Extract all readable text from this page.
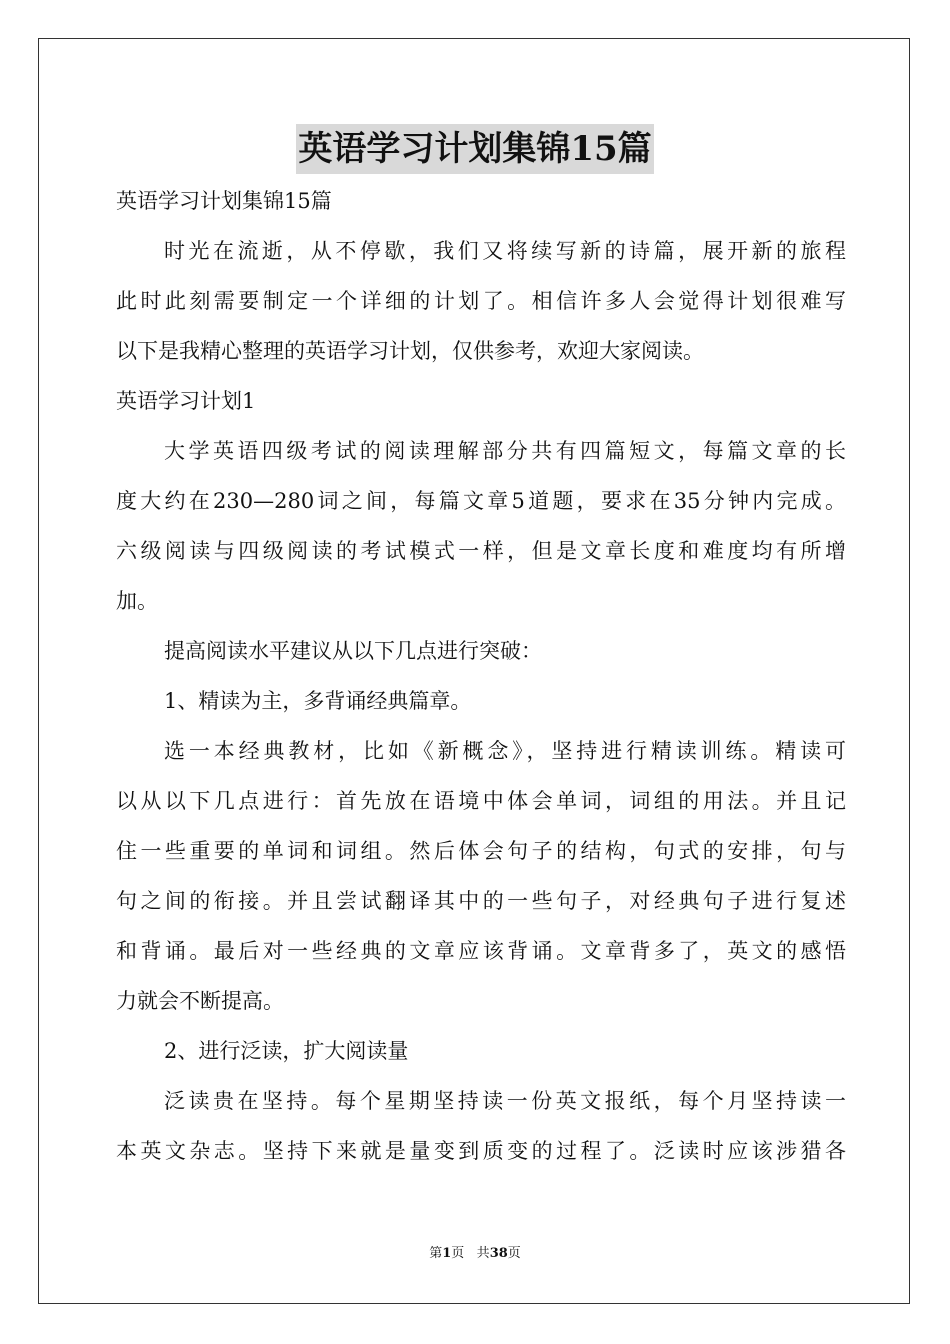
英语学习计划集锦15篇
英语学习计划集锦15篇
时光在流逝，从不停歇，我们又将续写新的诗篇，展开新的旅程
此时此刻需要制定一个详细的计划了。相信许多人会觉得计划很难写
以下是我精心整理的英语学习计划，仅供参考，欢迎大家阅读。
英语学习计划1
大学英语四级考试的阅读理解部分共有四篇短文，每篇文章的长
度大约在230—280词之间，每篇文章5道题，要求在35分钟内完成。
六级阅读与四级阅读的考试模式一样，但是文章长度和难度均有所增
加。
提高阅读水平建议从以下几点进行突破：
1、精读为主，多背诵经典篇章。
选一本经典教材，比如《新概念》，坚持进行精读训练。精读可
以从以下几点进行：首先放在语境中体会单词，词组的用法。并且记
住一些重要的单词和词组。然后体会句子的结构，句式的安排，句与
句之间的衔接。并且尝试翻译其中的一些句子，对经典句子进行复述
和背诵。最后对一些经典的文章应该背诵。文章背多了，英文的感悟
力就会不断提高。
2、进行泛读，扩大阅读量
泛读贵在坚持。每个星期坚持读一份英文报纸，每个月坚持读一
本英文杂志。坚持下来就是量变到质变的过程了。泛读时应该涉猎各
第1页 共38页
